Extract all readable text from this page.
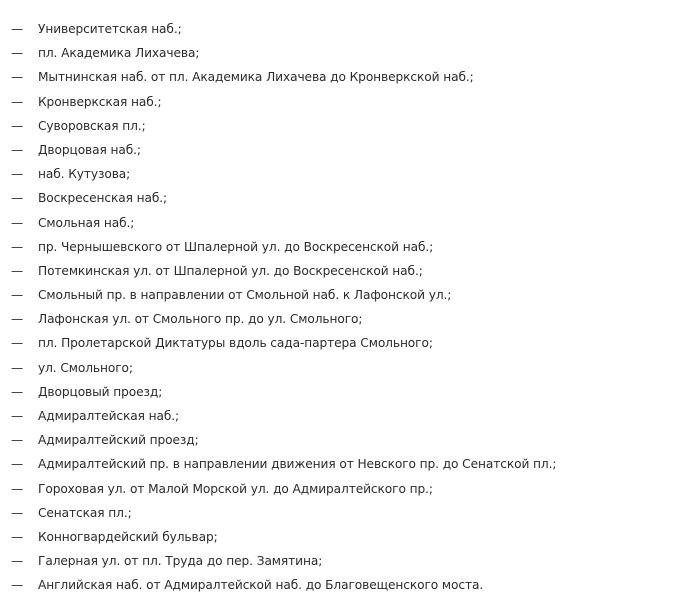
—	Университетская наб.;
—	пл. Академика Лихачева;
—	Мытнинская наб. от пл. Академика Лихачева до Кронверкской наб.;
—	Кронверкская наб.;
—	Суворовская пл.;
—	Дворцовая наб.;
—	наб. Кутузова;
—	Воскресенская наб.;
—	Смольная наб.;
—	пр. Чернышевского от Шпалерной ул. до Воскресенской наб.;
—	Потемкинская ул. от Шпалерной ул. до Воскресенской наб.;
—	Смольный пр. в направлении от Смольной наб. к Лафонской ул.;
—	Лафонская ул. от Смольного пр. до ул. Смольного;
—	пл. Пролетарской Диктатуры вдоль сада-партера Смольного;
—	ул. Смольного;
—	Дворцовый проезд;
—	Адмиралтейская наб.;
—	Адмиралтейский проезд;
—	Адмиралтейский пр. в направлении движения от Невского пр. до Сенатской пл.;
—	Гороховая ул. от Малой Морской ул. до Адмиралтейского пр.;
—	Сенатская пл.;
—	Конногвардейский бульвар;
—	Галерная ул. от пл. Труда до пер. Замятина;
—	Английская наб. от Адмиралтейской наб. до Благовещенского моста.
